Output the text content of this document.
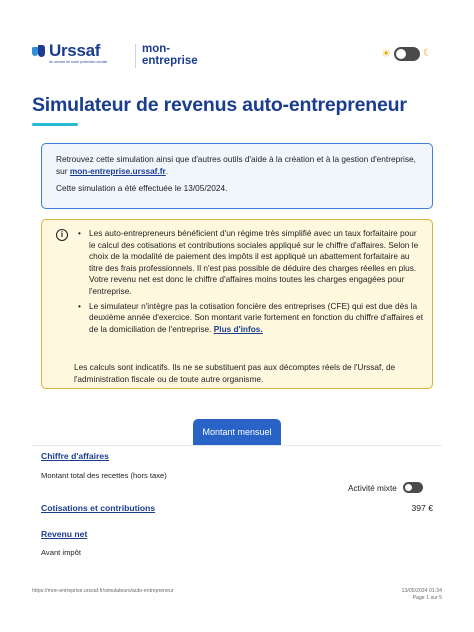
Urssaf
Au service de notre protection sociale
mon-
entreprise
☀	☾
Simulateur de revenus auto-entrepreneur

Retrouvez cette simulation ainsi que d'autres outils d'aide à la création et à la gestion d'entreprise, sur mon-entreprise.urssaf.fr.

Cette simulation a été effectuée le 13/05/2024.

i
•	Les auto-entrepreneurs bénéficient d'un régime très simplifié avec un taux forfaitaire pour le calcul des cotisations et contributions sociales appliqué sur le chiffre d'affaires. Selon le choix de la modalité de paiement des impôts il est appliqué un abattement forfaitaire au titre des frais professionnels. Il n'est pas possible de déduire des charges réelles en plus. Votre revenu net est donc le chiffre d'affaires moins toutes les charges engagées pour l'entreprise.
• Le simulateur n'intègre pas la cotisation foncière des entreprises (CFE) qui est due dès la deuxième année d'exercice. Son montant varie fortement en fonction du chiffre d'affaires et de la domiciliation de l'entreprise. Plus d'infos.

Les calculs sont indicatifs. Ils ne se substituent pas aux décomptes réels de l'Urssaf, de l'administration fiscale ou de toute autre organisme.

Montant mensuel
Chiffre d'affaires
Montant total des recettes (hors taxe)
Activité mixte
Cotisations et contributions	397 €
Revenu net
Avant impôt
https://mon-entreprise.urssaf.fr/simulateurs/auto-entrepreneur	13/05/2024 01:34
Page 1 sur 5
